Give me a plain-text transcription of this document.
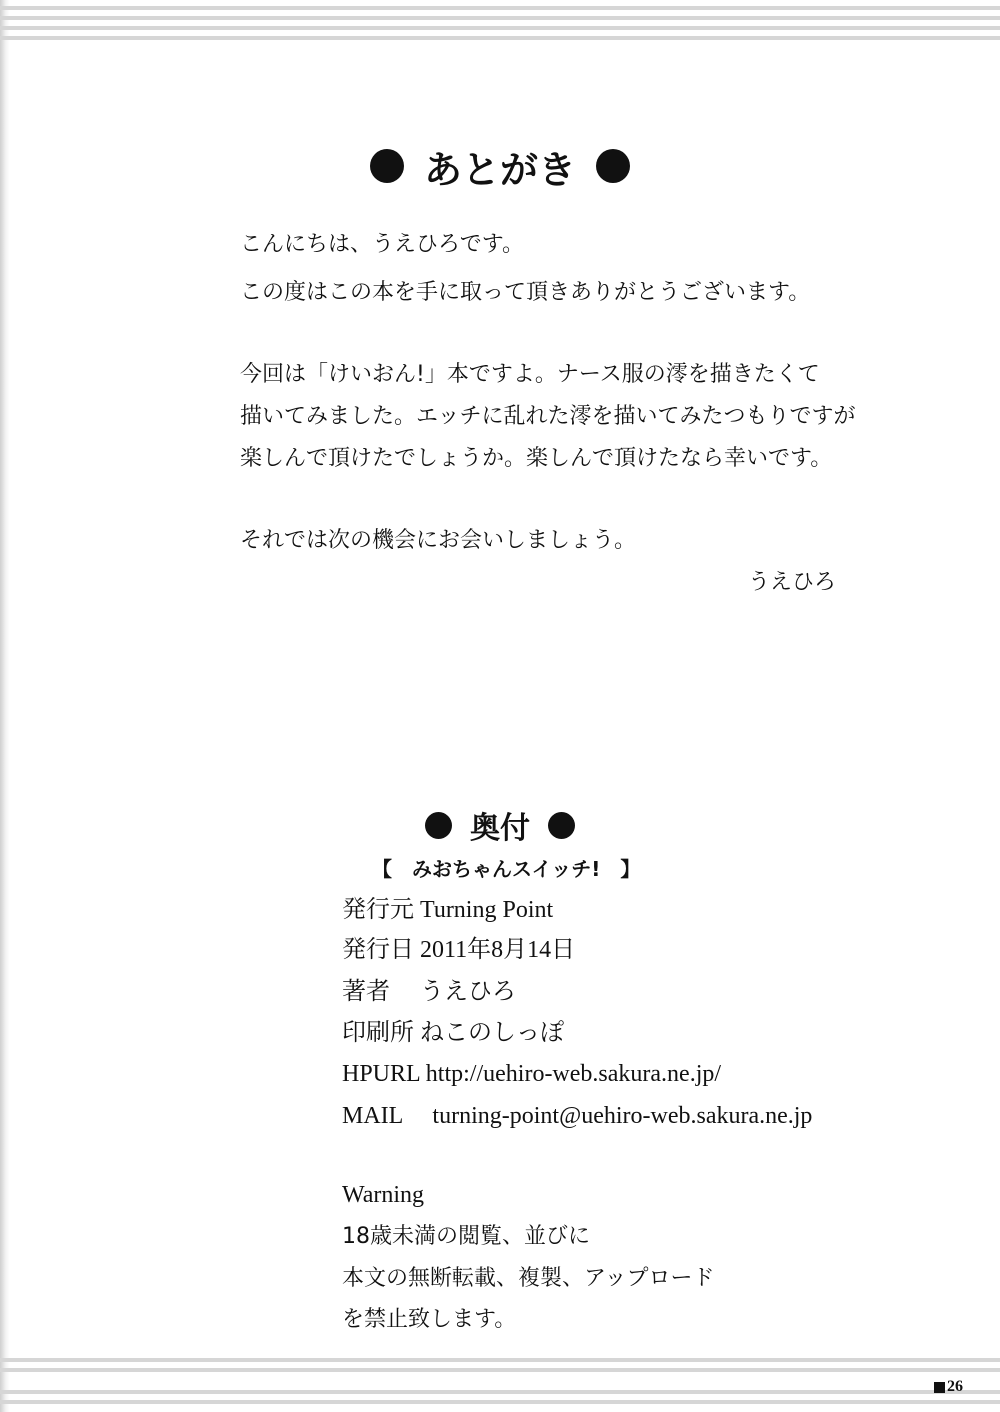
あとがき
こんにちは、うえひろです。
この度はこの本を手に取って頂きありがとうございます。
今回は「けいおん!」本ですよ。ナース服の澪を描きたくて
描いてみました。エッチに乱れた澪を描いてみたつもりですが
楽しんで頂けたでしょうか。楽しんで頂けたなら幸いです。
それでは次の機会にお会いしましょう。
うえひろ
奥付
【　みおちゃんスイッチ!　】
発行元 Turning Point
発行日 2011年8月14日
著者　 うえひろ
印刷所 ねこのしっぽ
HPURL http://uehiro-web.sakura.ne.jp/
MAIL　 turning-point@uehiro-web.sakura.ne.jp
Warning
18歳未満の閲覧、並びに
本文の無断転載、複製、アップロード
を禁止致します。
26
